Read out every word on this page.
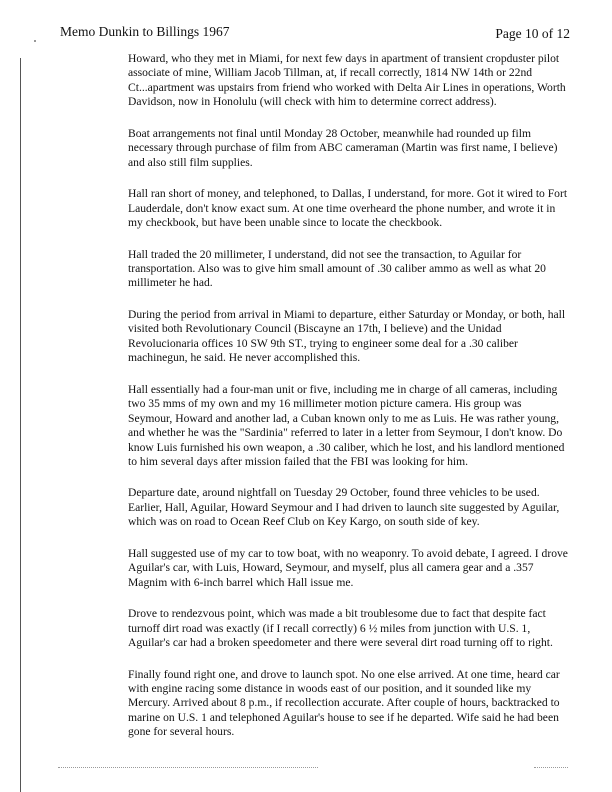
Memo Dunkin to Billings 1967	Page 10 of 12

Howard, who they met in Miami, for next few days in apartment of transient cropduster pilot associate of mine, William Jacob Tillman, at, if recall correctly, 1814 NW 14th or 22nd Ct...apartment was upstairs from friend who worked with Delta Air Lines in operations, Worth Davidson, now in Honolulu (will check with him to determine correct address).

Boat arrangements not final until Monday 28 October, meanwhile had rounded up film necessary through purchase of film from ABC cameraman (Martin was first name, I believe) and also still film supplies.

Hall ran short of money, and telephoned, to Dallas, I understand, for more. Got it wired to Fort Lauderdale, don't know exact sum. At one time overheard the phone number, and wrote it in my checkbook, but have been unable since to locate the checkbook.

Hall traded the 20 millimeter, I understand, did not see the transaction, to Aguilar for transportation. Also was to give him small amount of .30 caliber ammo as well as what 20 millimeter he had.

During the period from arrival in Miami to departure, either Saturday or Monday, or both, hall visited both Revolutionary Council (Biscayne an 17th, I believe) and the Unidad Revolucionaria offices 10 SW 9th ST., trying to engineer some deal for a .30 caliber machinegun, he said. He never accomplished this.

Hall essentially had a four-man unit or five, including me in charge of all cameras, including two 35 mms of my own and my 16 millimeter motion picture camera. His group was Seymour, Howard and another lad, a Cuban known only to me as Luis. He was rather young, and whether he was the "Sardinia" referred to later in a letter from Seymour, I don't know. Do know Luis furnished his own weapon, a .30 caliber, which he lost, and his landlord mentioned to him several days after mission failed that the FBI was looking for him.

Departure date, around nightfall on Tuesday 29 October, found three vehicles to be used. Earlier, Hall, Aguilar, Howard Seymour and I had driven to launch site suggested by Aguilar, which was on road to Ocean Reef Club on Key Kargo, on south side of key.

Hall suggested use of my car to tow boat, with no weaponry. To avoid debate, I agreed. I drove Aguilar's car, with Luis, Howard, Seymour, and myself, plus all camera gear and a .357 Magnim with 6-inch barrel which Hall issue me.

Drove to rendezvous point, which was made a bit troublesome due to fact that despite fact turnoff dirt road was exactly (if I recall correctly) 6 ½ miles from junction with U.S. 1, Aguilar's car had a broken speedometer and there were several dirt road turning off to right.

Finally found right one, and drove to launch spot. No one else arrived. At one time, heard car with engine racing some distance in woods east of our position, and it sounded like my Mercury. Arrived about 8 p.m., if recollection accurate. After couple of hours, backtracked to marine on U.S. 1 and telephoned Aguilar's house to see if he departed. Wife said he had been gone for several hours.
